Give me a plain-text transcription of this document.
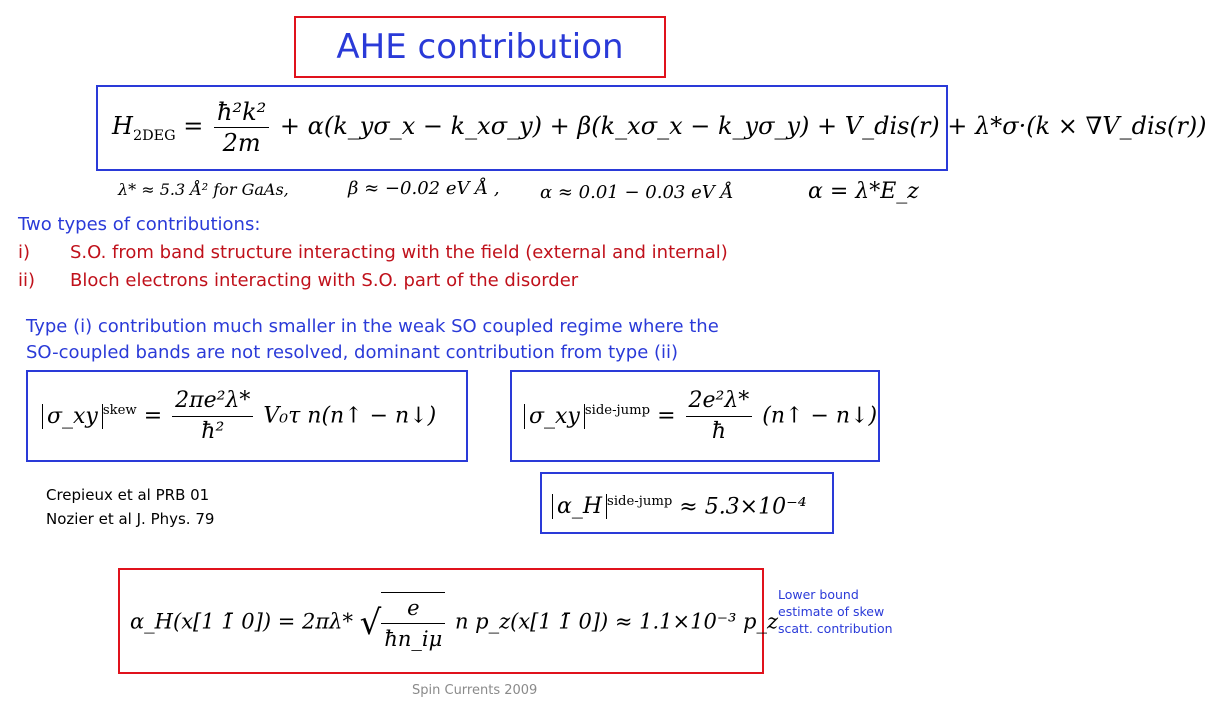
AHE contribution
$H_{2DEG} = \frac{\text{ħ²k²}}{2m}$ + α(k_yσ_x − k_xσ_y) + β(k_xσ_x − k_yσ_y) + V_dis(r) + λ*σ·(k × ∇V_dis(r))
λ* ≈ 5.3 Å² for GaAs,	β ≈ −0.02 eV Å , α ≈ 0.01 − 0.03 eV Å	α = λ*E_z
Two types of contributions:
i) S.O. from band structure interacting with the field (external and internal)
ii) Bloch electrons interacting with S.O. part of the disorder
Type (i) contribution much smaller in the weak SO coupled regime where the
SO-coupled bands are not resolved, dominant contribution from type (ii)
σ_xy $^{skew} = \frac{\text{2πe²λ*}}{\text{ħ²}} V_0\tau$ n(n↑ − n↓)	σ_xy $^{side-jump} = \frac{\text{2e²λ*}}{ħ}$ (n↑ − n↓)
Crepieux et al PRB 01
Nozier et al J. Phys. 79	α_H $^{side-jump}$ ≈ 5.3×10⁻⁴
α_H(x[1 1̄ 0]) = 2πλ* √ $\frac{e}{ħn\_i\mu}$ n p_z(x[1 1̄ 0]) ≈ 1.1×10⁻³ p_z
Lower bound
estimate of skew
scatt. contribution
Spin Currents 2009
